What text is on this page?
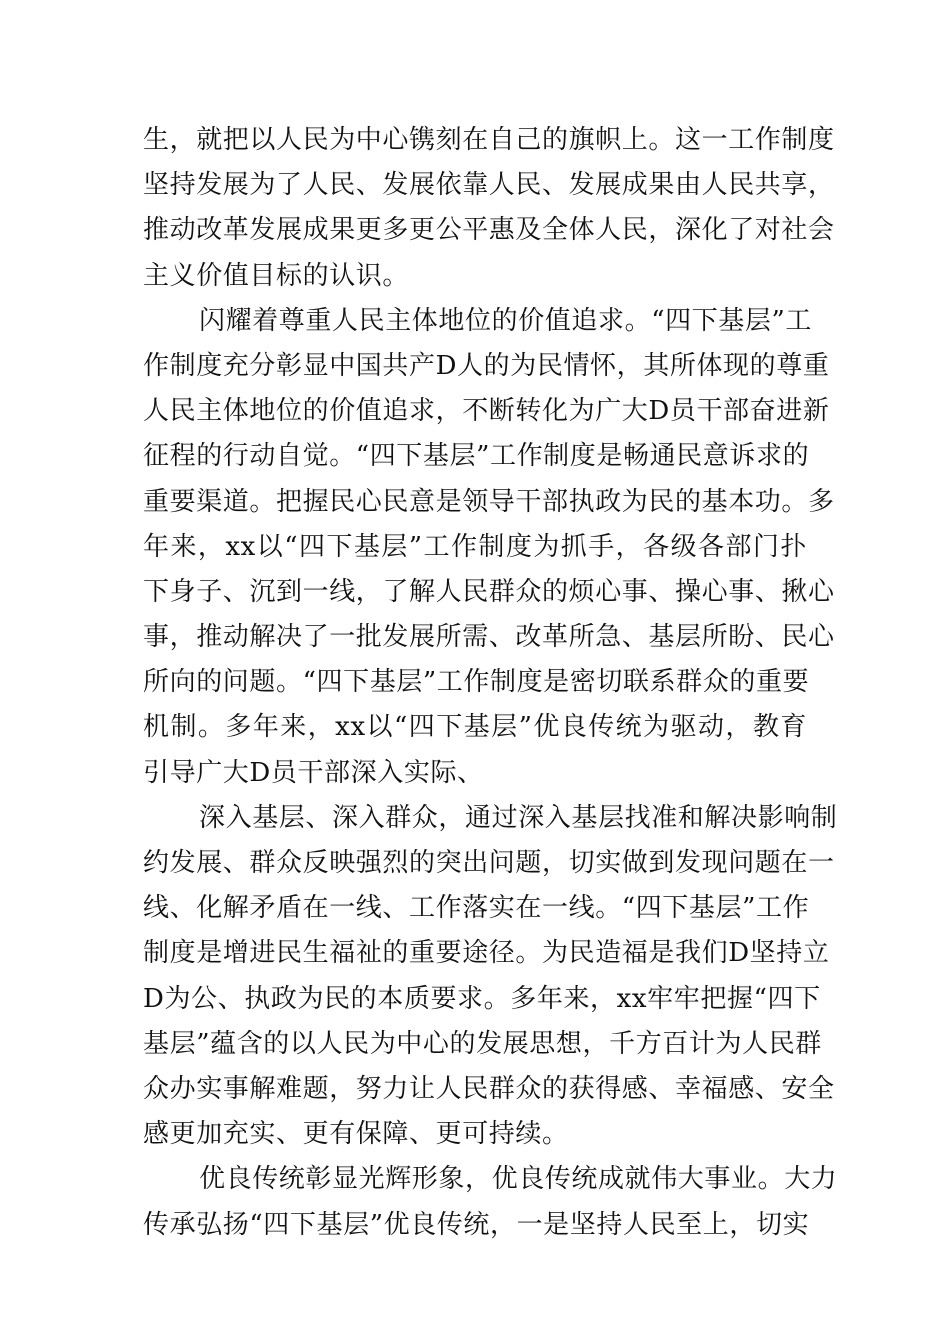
生，就把以人民为中心镌刻在自己的旗帜上。这一工作制度
坚持发展为了人民、发展依靠人民、发展成果由人民共享，
推动改革发展成果更多更公平惠及全体人民，深化了对社会
主义价值目标的认识。
闪耀着尊重人民主体地位的价值追求。“四下基层”工
作制度充分彰显中国共产D人的为民情怀，其所体现的尊重
人民主体地位的价值追求，不断转化为广大D员干部奋进新
征程的行动自觉。“四下基层”工作制度是畅通民意诉求的
重要渠道。把握民心民意是领导干部执政为民的基本功。多
年来，xx以“四下基层”工作制度为抓手，各级各部门扑
下身子、沉到一线，了解人民群众的烦心事、操心事、揪心
事，推动解决了一批发展所需、改革所急、基层所盼、民心
所向的问题。“四下基层”工作制度是密切联系群众的重要
机制。多年来，xx以“四下基层”优良传统为驱动，教育
引导广大D员干部深入实际、
深入基层、深入群众，通过深入基层找准和解决影响制
约发展、群众反映强烈的突出问题，切实做到发现问题在一
线、化解矛盾在一线、工作落实在一线。“四下基层”工作
制度是增进民生福祉的重要途径。为民造福是我们D坚持立
D为公、执政为民的本质要求。多年来，xx牢牢把握“四下
基层”蕴含的以人民为中心的发展思想，千方百计为人民群
众办实事解难题，努力让人民群众的获得感、幸福感、安全
感更加充实、更有保障、更可持续。
优良传统彰显光辉形象，优良传统成就伟大事业。大力
传承弘扬“四下基层”优良传统，一是坚持人民至上，切实
